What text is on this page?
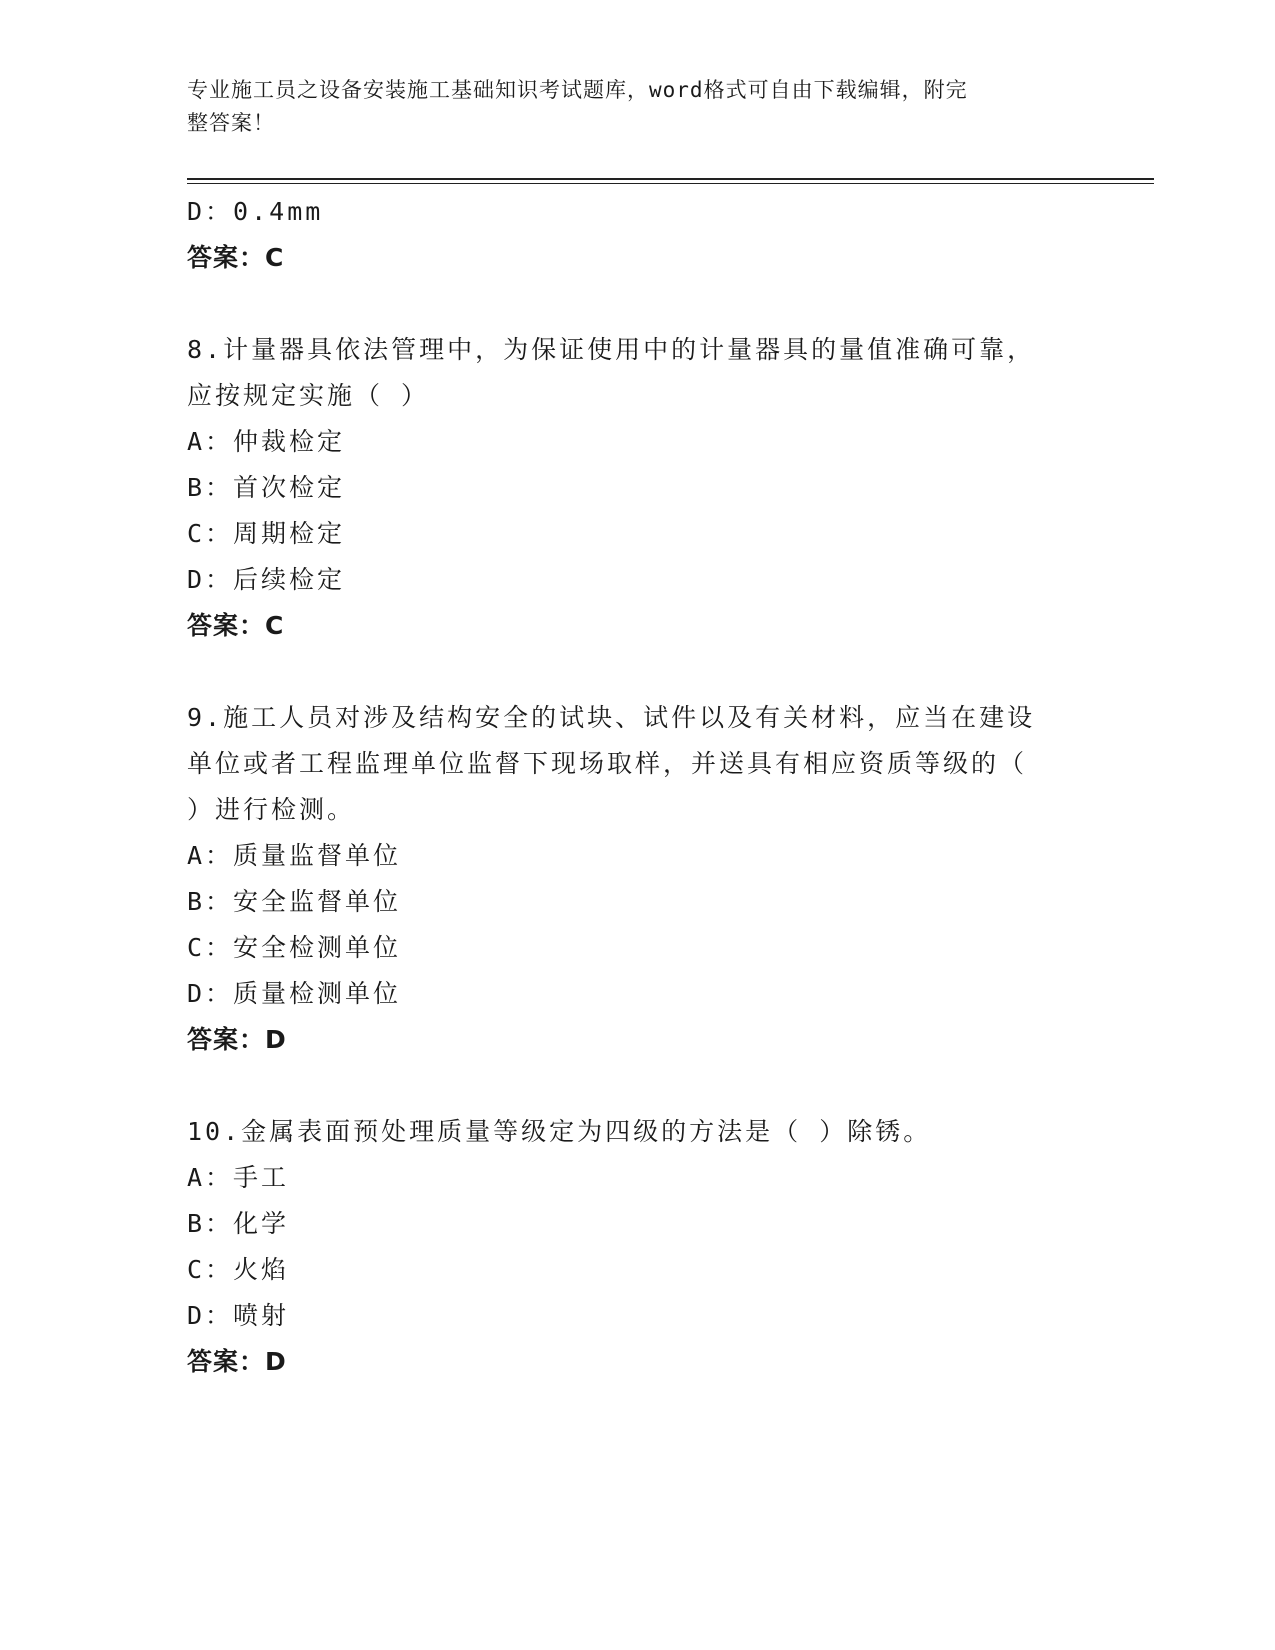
专业施工员之设备安装施工基础知识考试题库，word格式可自由下载编辑，附完
整答案！
D：0.4mm
答案：C
8.计量器具依法管理中，为保证使用中的计量器具的量值准确可靠，
应按规定实施（ ）
A：仲裁检定
B：首次检定
C：周期检定
D：后续检定
答案：C
9.施工人员对涉及结构安全的试块、试件以及有关材料，应当在建设
单位或者工程监理单位监督下现场取样，并送具有相应资质等级的（
）进行检测。
A：质量监督单位
B：安全监督单位
C：安全检测单位
D：质量检测单位
答案：D
10.金属表面预处理质量等级定为四级的方法是（ ）除锈。
A：手工
B：化学
C：火焰
D：喷射
答案：D
